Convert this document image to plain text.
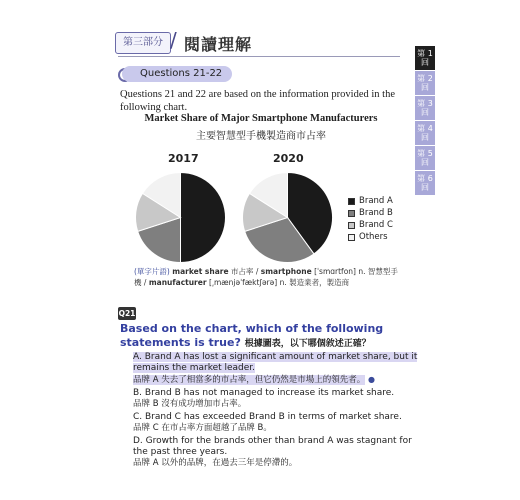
第三部分 / 閱讀理解
Questions 21-22
Questions 21 and 22 are based on the information provided in the following chart.
Market Share of Major Smartphone Manufacturers
主要智慧型手機製造商市占率
2017	2020
Brand A
Brand B
Brand C
Others
(單字片語) market share 市占率 / smartphone [ˈsmɑrtfon] n. 智慧型手機 / manufacturer [͵mænjəˈfæktʃərə] n. 製造業者，製造商
Q21
Based on the chart, which of the following statements is true? 根據圖表，以下哪個敘述正確？
A. Brand A has lost a significant amount of market share, but it remains the market leader.
品牌 A 失去了相當多的市占率，但它仍然是市場上的領先者。 ●
B. Brand B has not managed to increase its market share.
品牌 B 沒有成功增加市占率。
C. Brand C has exceeded Brand B in terms of market share.
品牌 C 在市占率方面超越了品牌 B。
D. Growth for the brands other than brand A was stagnant for the past three years.
品牌 A 以外的品牌，在過去三年是停滯的。
第 1 回
第 2 回
第 3 回
第 4 回
第 5 回
第 6 回
